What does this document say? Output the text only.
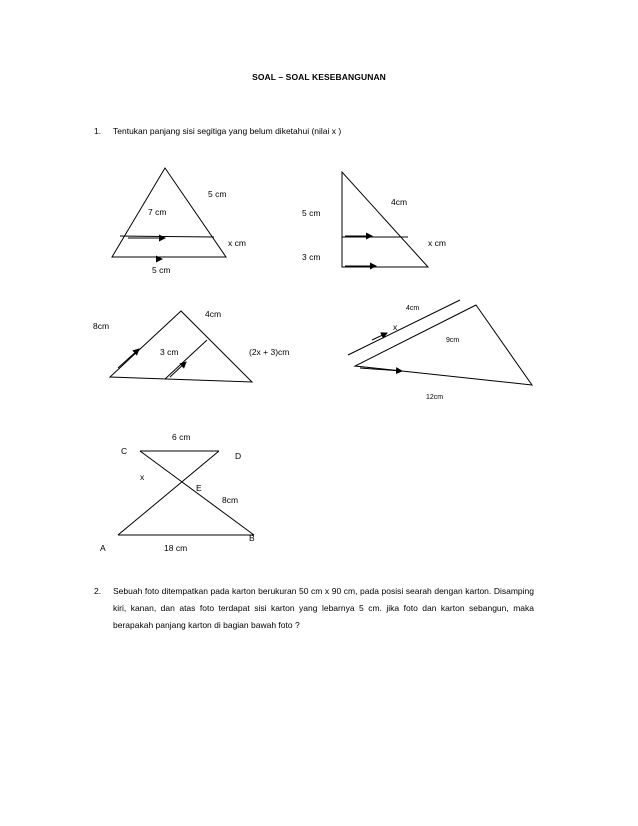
SOAL – SOAL KESEBANGUNAN
1. Tentukan panjang sisi segitiga yang belum diketahui (nilai x )
5 cm
7 cm
x cm
5 cm
4cm
5 cm
3 cm
x cm
8cm
4cm
3 cm	(2x + 3)cm
4cm
x
9cm
12cm
6 cm
C	D
x
E
8cm
B
A	18 cm
2. Sebuah foto ditempatkan pada karton berukuran 50 cm x 90 cm, pada posisi searah dengan karton. Disamping kiri, kanan, dan atas foto terdapat sisi karton yang lebarnya 5 cm. jika foto dan karton sebangun, maka berapakah panjang karton di bagian bawah foto ?
